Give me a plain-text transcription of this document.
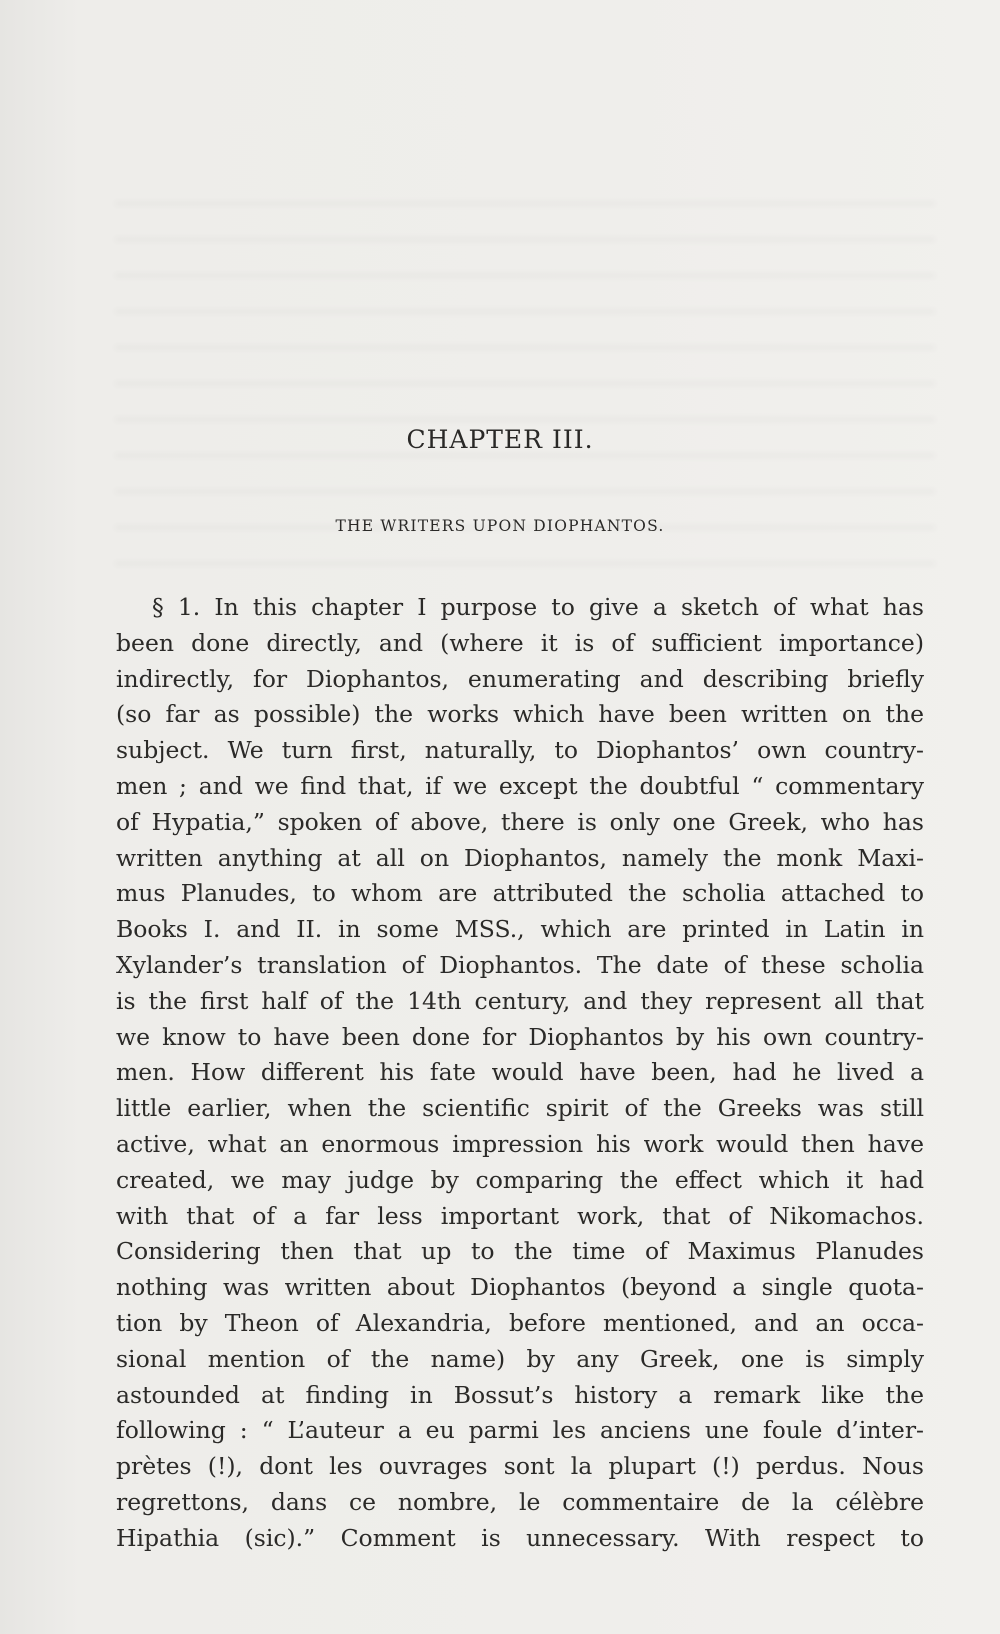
CHAPTER III.
THE WRITERS UPON DIOPHANTOS.
§ 1. In this chapter I purpose to give a sketch of what has
been done directly, and (where it is of sufficient importance)
indirectly, for Diophantos, enumerating and describing briefly
(so far as possible) the works which have been written on the
subject. We turn first, naturally, to Diophantos’ own country-
men ; and we find that, if we except the doubtful “ commentary
of Hypatia,” spoken of above, there is only one Greek, who has
written anything at all on Diophantos, namely the monk Maxi-
mus Planudes, to whom are attributed the scholia attached to
Books I. and II. in some MSS., which are printed in Latin in
Xylander’s translation of Diophantos. The date of these scholia
is the first half of the 14th century, and they represent all that
we know to have been done for Diophantos by his own country-
men. How different his fate would have been, had he lived a
little earlier, when the scientific spirit of the Greeks was still
active, what an enormous impression his work would then have
created, we may judge by comparing the effect which it had
with that of a far less important work, that of Nikomachos.
Considering then that up to the time of Maximus Planudes
nothing was written about Diophantos (beyond a single quota-
tion by Theon of Alexandria, before mentioned, and an occa-
sional mention of the name) by any Greek, one is simply
astounded at finding in Bossut’s history a remark like the
following : “ L’auteur a eu parmi les anciens une foule d’inter-
prètes (!), dont les ouvrages sont la plupart (!) perdus. Nous
regrettons, dans ce nombre, le commentaire de la célèbre
Hipathia (sic).” Comment is unnecessary. With respect to
